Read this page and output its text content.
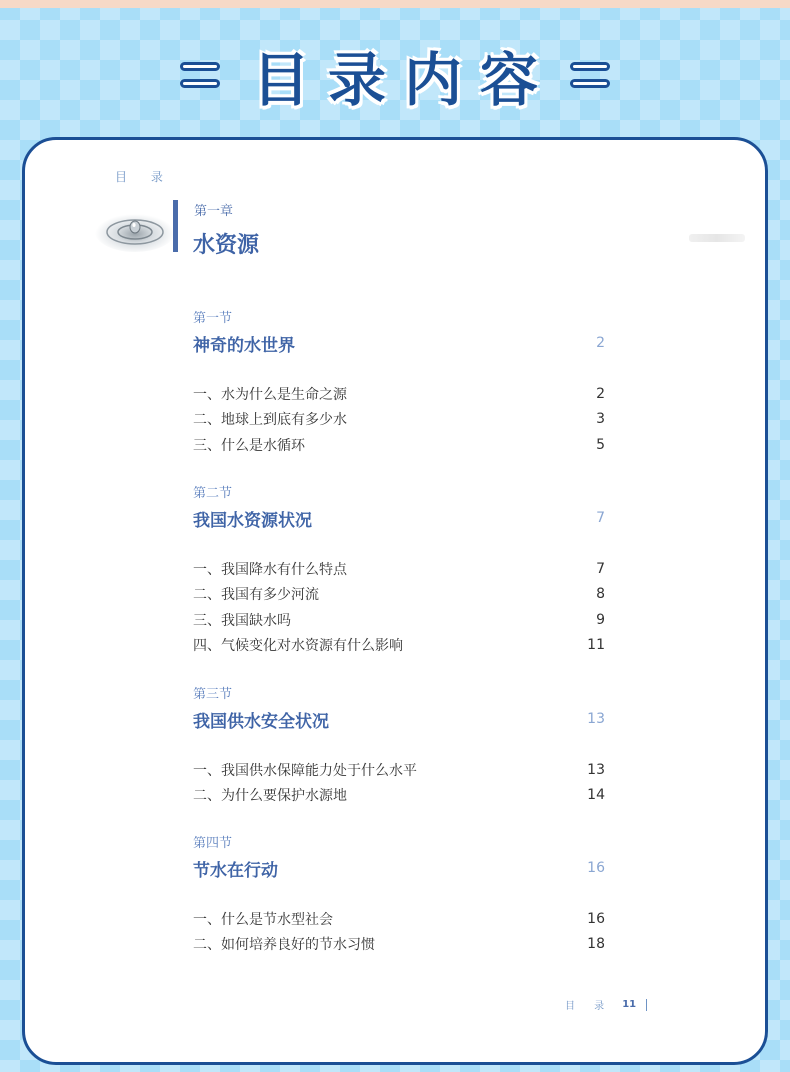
目录内容
目 录
第一章
水资源
第一节
神奇的水世界	2
一、水为什么是生命之源	2
二、地球上到底有多少水	3
三、什么是水循环	5
第二节
我国水资源状况	7
一、我国降水有什么特点	7
二、我国有多少河流	8
三、我国缺水吗	9
四、气候变化对水资源有什么影响	11
第三节
我国供水安全状况	13
一、我国供水保障能力处于什么水平	13
二、为什么要保护水源地	14
第四节
节水在行动	16
一、什么是节水型社会	16
二、如何培养良好的节水习惯	18
目 录 11
